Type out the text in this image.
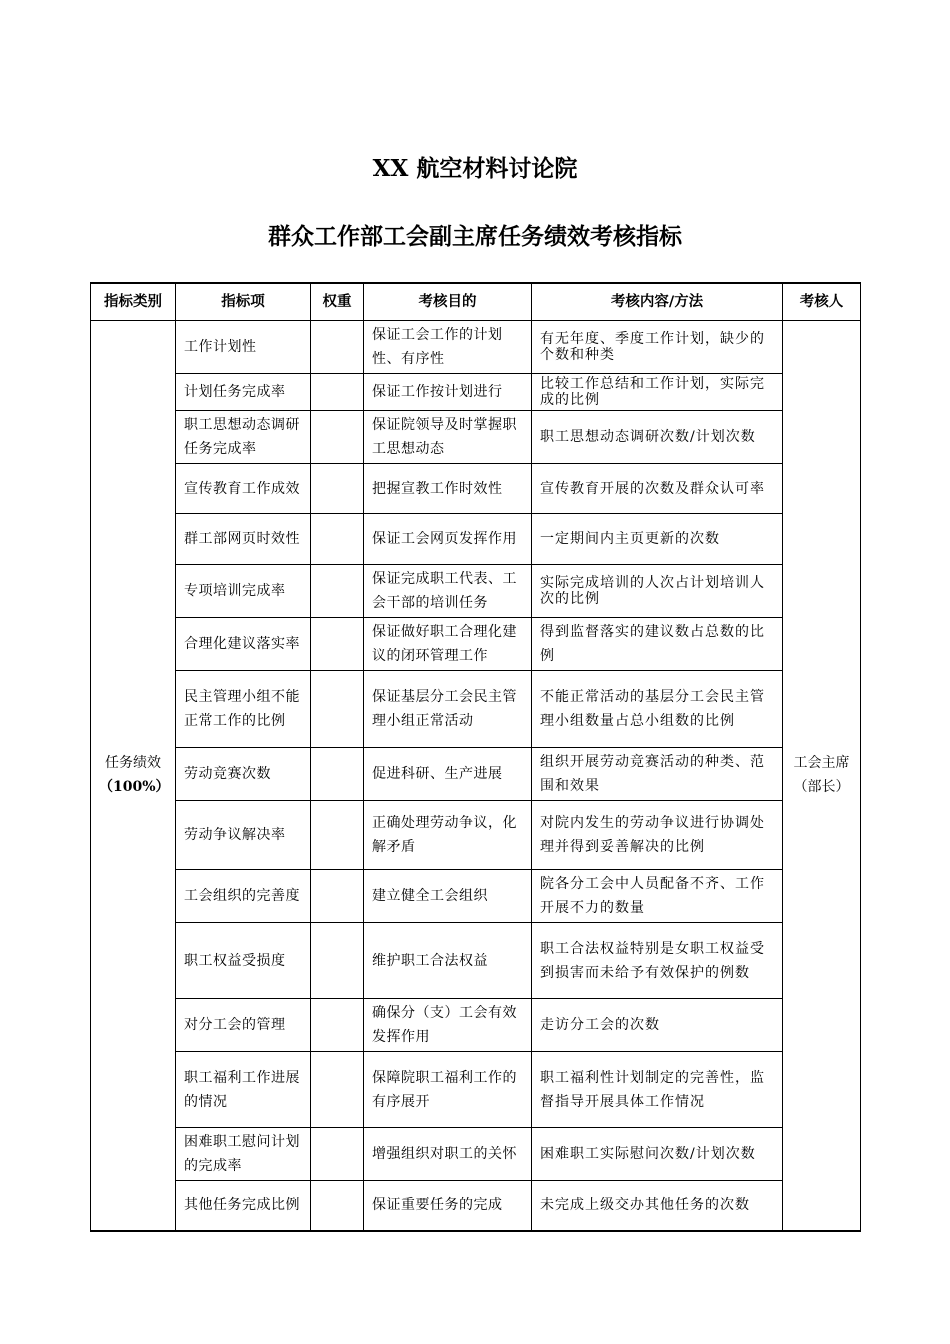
XX 航空材料讨论院
群众工作部工会副主席任务绩效考核指标
指标类别	指标项	权重	考核目的	考核内容/方法	考核人
任务绩效
（100%）	工作计划性		保证工会工作的计划性、有序性	有无年度、季度工作计划，缺少的个数和种类	工会主席（部长）
	计划任务完成率		保证工作按计划进行	比较工作总结和工作计划，实际完成的比例	
	职工思想动态调研任务完成率		保证院领导及时掌握职工思想动态	职工思想动态调研次数/计划次数	
	宣传教育工作成效		把握宣教工作时效性	宣传教育开展的次数及群众认可率	
	群工部网页时效性		保证工会网页发挥作用	一定期间内主页更新的次数	
	专项培训完成率		保证完成职工代表、工会干部的培训任务	实际完成培训的人次占计划培训人次的比例	
	合理化建议落实率		保证做好职工合理化建议的闭环管理工作	得到监督落实的建议数占总数的比例	
	民主管理小组不能正常工作的比例		保证基层分工会民主管理小组正常活动	不能正常活动的基层分工会民主管理小组数量占总小组数的比例	
	劳动竞赛次数		促进科研、生产进展	组织开展劳动竞赛活动的种类、范围和效果	
	劳动争议解决率		正确处理劳动争议，化解矛盾	对院内发生的劳动争议进行协调处理并得到妥善解决的比例	
	工会组织的完善度		建立健全工会组织	院各分工会中人员配备不齐、工作开展不力的数量	
	职工权益受损度		维护职工合法权益	职工合法权益特别是女职工权益受到损害而未给予有效保护的例数	
	对分工会的管理		确保分（支）工会有效发挥作用	走访分工会的次数	
	职工福利工作进展的情况		保障院职工福利工作的有序展开	职工福利性计划制定的完善性，监督指导开展具体工作情况	
	困难职工慰问计划的完成率		增强组织对职工的关怀	困难职工实际慰问次数/计划次数	
	其他任务完成比例		保证重要任务的完成	未完成上级交办其他任务的次数	
